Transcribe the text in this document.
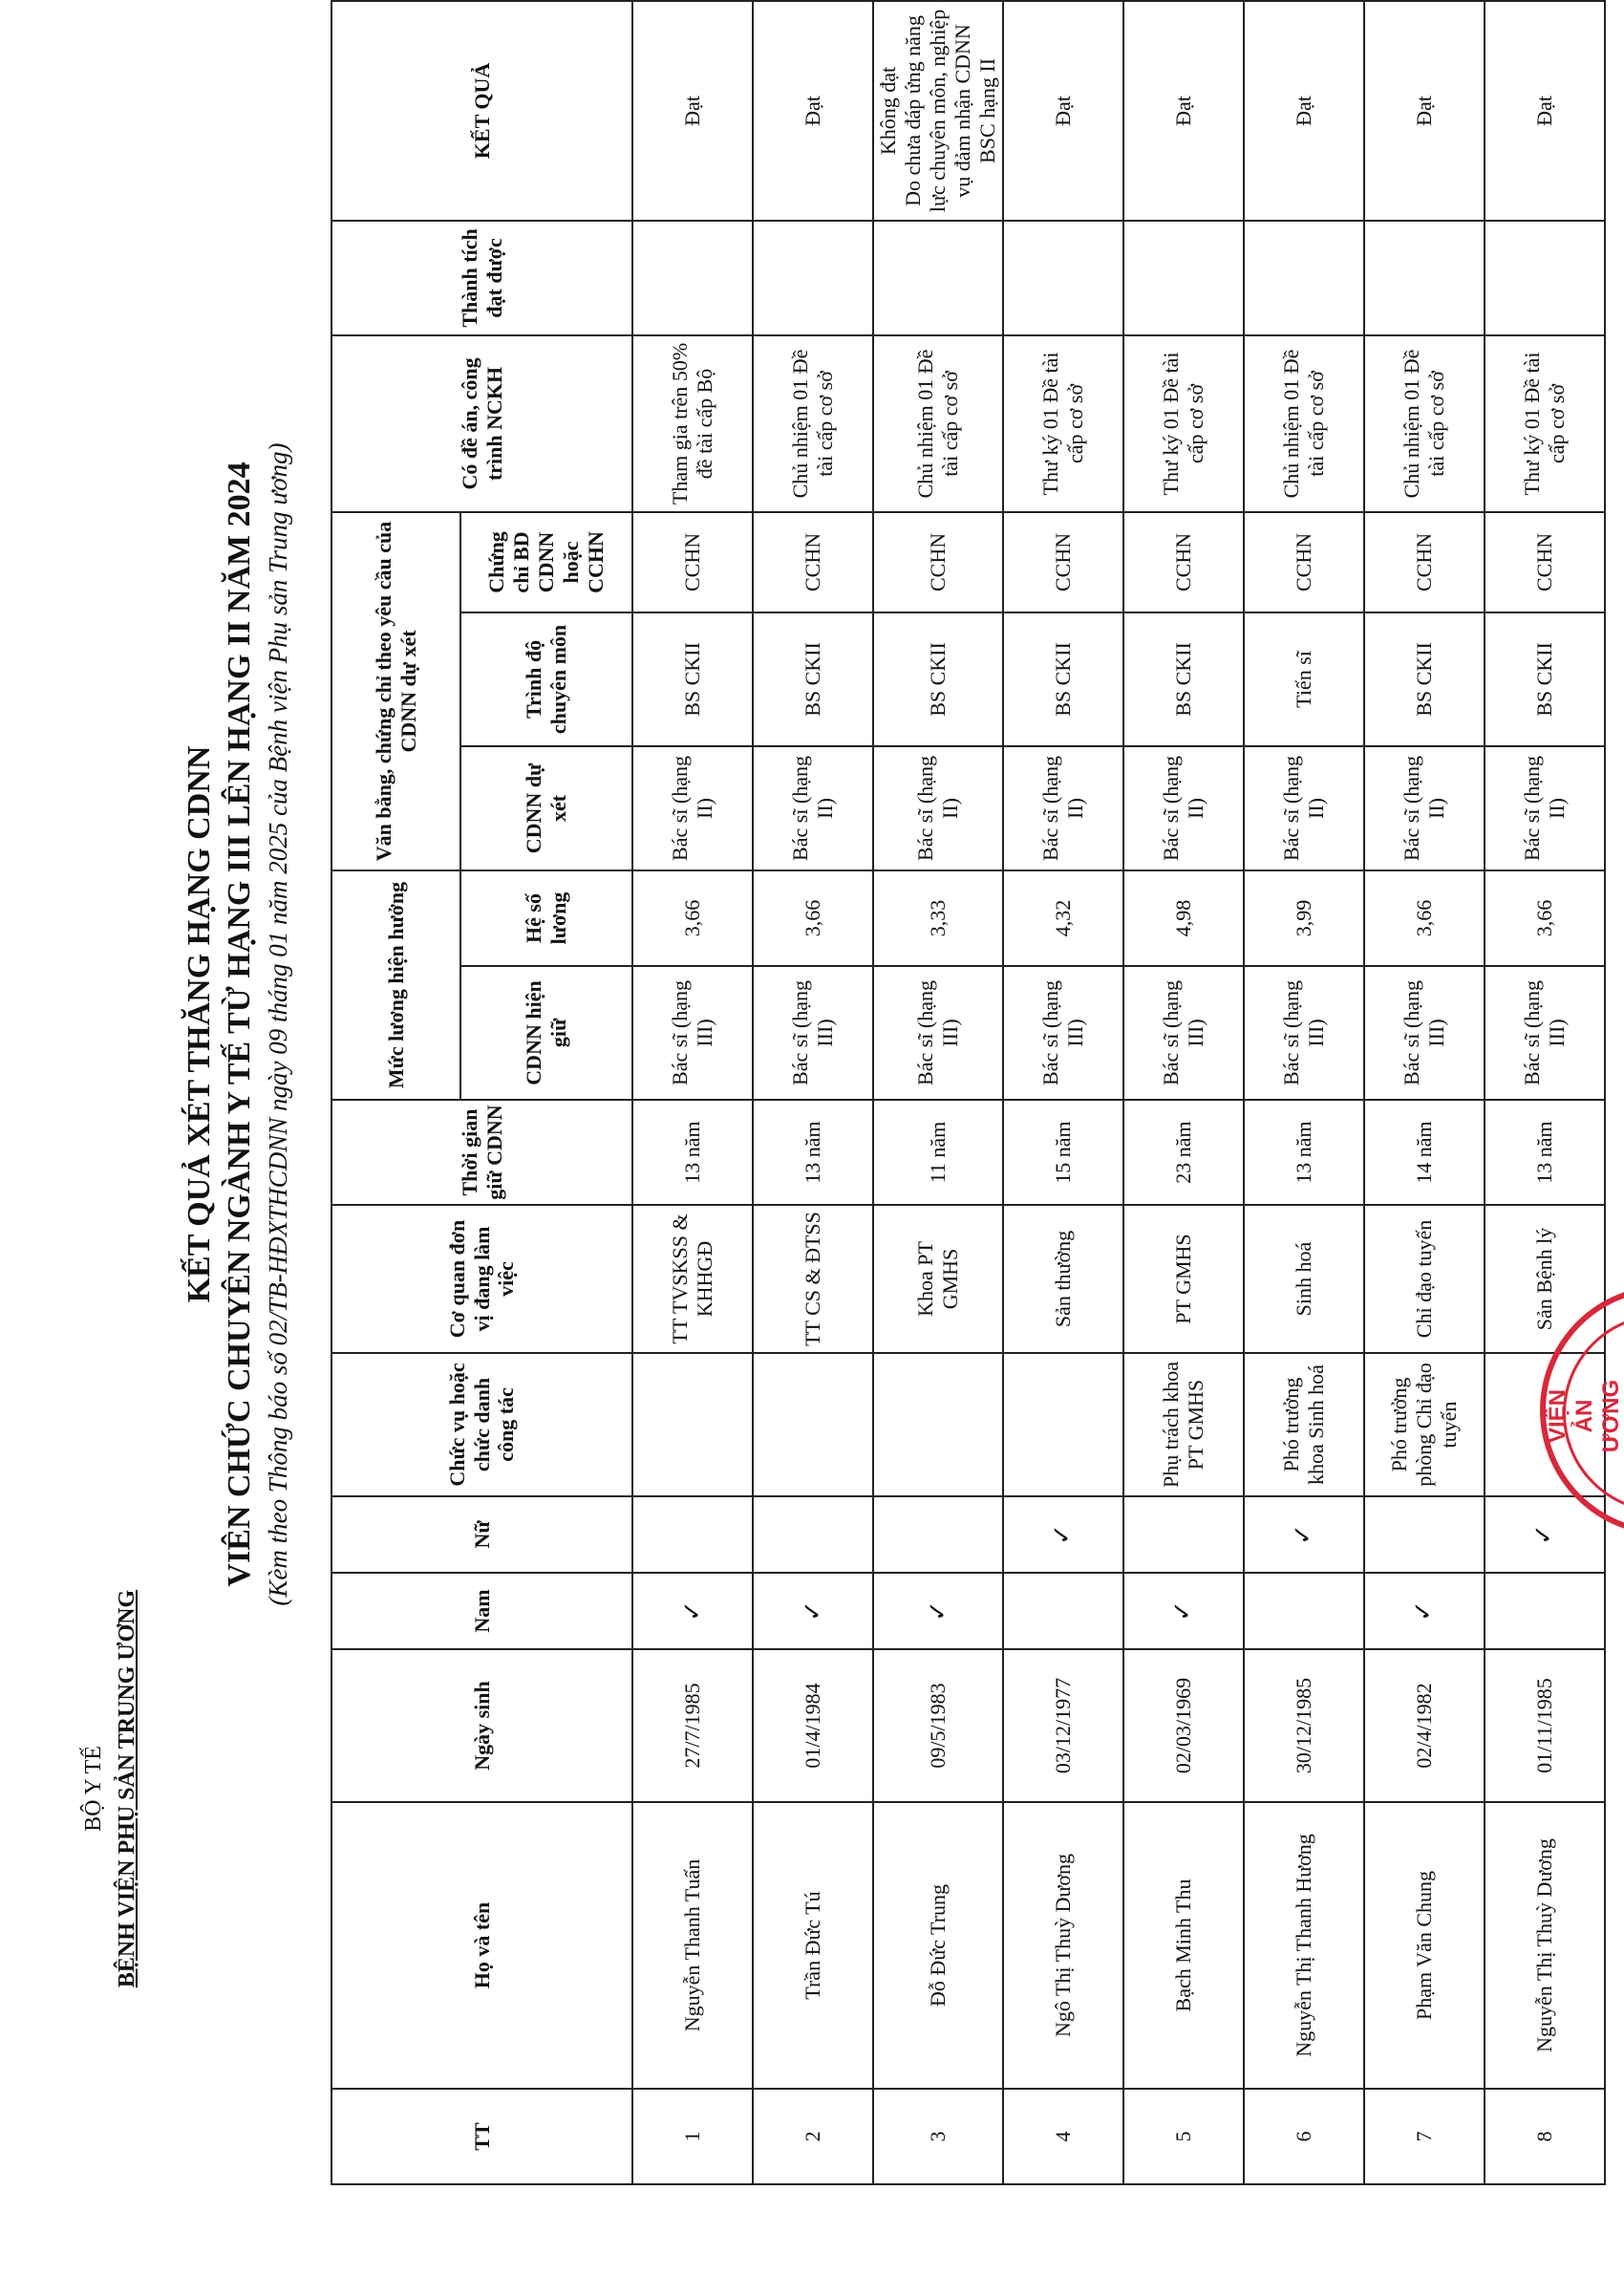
BỘ Y TẾ BỆNH VIỆN PHỤ SẢN TRUNG ƯƠNG
KẾT QUẢ XÉT THĂNG HẠNG CDNN VIÊN CHỨC CHUYÊN NGÀNH Y TẾ TỪ HẠNG III LÊN HẠNG II NĂM 2024 (Kèm theo Thông báo số 02/TB-HĐXTHCDNN ngày 09 tháng 01 năm 2025 của Bệnh viện Phụ sản Trung ương)
TT	Họ và tên	Ngày sinh	Nam	Nữ	Chức vụ hoặc chức danh công tác	Cơ quan đơn vị đang làm việc	Thời gian giữ CDNN	Mức lương hiện hưởng		Văn bằng, chứng chỉ theo yêu cầu của CDNN dự xét			Có đề án, công trình NCKH	Thành tích đạt được	KẾT QUẢ
								CDNN hiện giữ	Hệ số lương	CDNN dự xét	Trình độ chuyên môn	Chứng chỉ BD CDNN hoặc CCHN			
1	Nguyễn Thanh Tuấn	27/7/1985	✓			TT TVSKSS & KHHGĐ	13 năm	Bác sĩ (hạng III)	3,66	Bác sĩ (hạng II)	BS CKII	CCHN	Tham gia trên 50% đề tài cấp Bộ		Đạt
2	Trần Đức Tú	01/4/1984	✓			TT CS & ĐTSS	13 năm	Bác sĩ (hạng III)	3,66	Bác sĩ (hạng II)	BS CKII	CCHN	Chủ nhiệm 01 Đề tài cấp cơ sở		Đạt
3	Đỗ Đức Trung	09/5/1983	✓			Khoa PT GMHS	11 năm	Bác sĩ (hạng III)	3,33	Bác sĩ (hạng II)	BS CKII	CCHN	Chủ nhiệm 01 Đề tài cấp cơ sở		Không đạt
Do chưa đáp ứng năng lực chuyên môn, nghiệp vụ đảm nhận CDNN BSC hạng II
4	Ngô Thị Thuỳ Dương	03/12/1977		✓		Sản thường	15 năm	Bác sĩ (hạng III)	4,32	Bác sĩ (hạng II)	BS CKII	CCHN	Thư ký 01 Đề tài cấp cơ sở		Đạt
5	Bạch Minh Thu	02/03/1969	✓		Phụ trách khoa PT GMHS	PT GMHS	23 năm	Bác sĩ (hạng III)	4,98	Bác sĩ (hạng II)	BS CKII	CCHN	Thư ký 01 Đề tài cấp cơ sở		Đạt
6	Nguyễn Thị Thanh Hương	30/12/1985		✓	Phó trưởng khoa Sinh hoá	Sinh hoá	13 năm	Bác sĩ (hạng III)	3,99	Bác sĩ (hạng II)	Tiến sĩ	CCHN	Chủ nhiệm 01 Đề tài cấp cơ sở		Đạt
7	Phạm Văn Chung	02/4/1982	✓		Phó trưởng phòng Chỉ đạo tuyến	Chỉ đạo tuyến	14 năm	Bác sĩ (hạng III)	3,66	Bác sĩ (hạng II)	BS CKII	CCHN	Chủ nhiệm 01 Đề tài cấp cơ sở		Đạt
8	Nguyễn Thị Thuỳ Dương	01/11/1985		✓		Sản Bệnh lý	13 năm	Bác sĩ (hạng III)	3,66	Bác sĩ (hạng II)	BS CKII	CCHN	Thư ký 01 Đề tài cấp cơ sở		Đạt
VIỆN
ẢN
ƯƠNG
